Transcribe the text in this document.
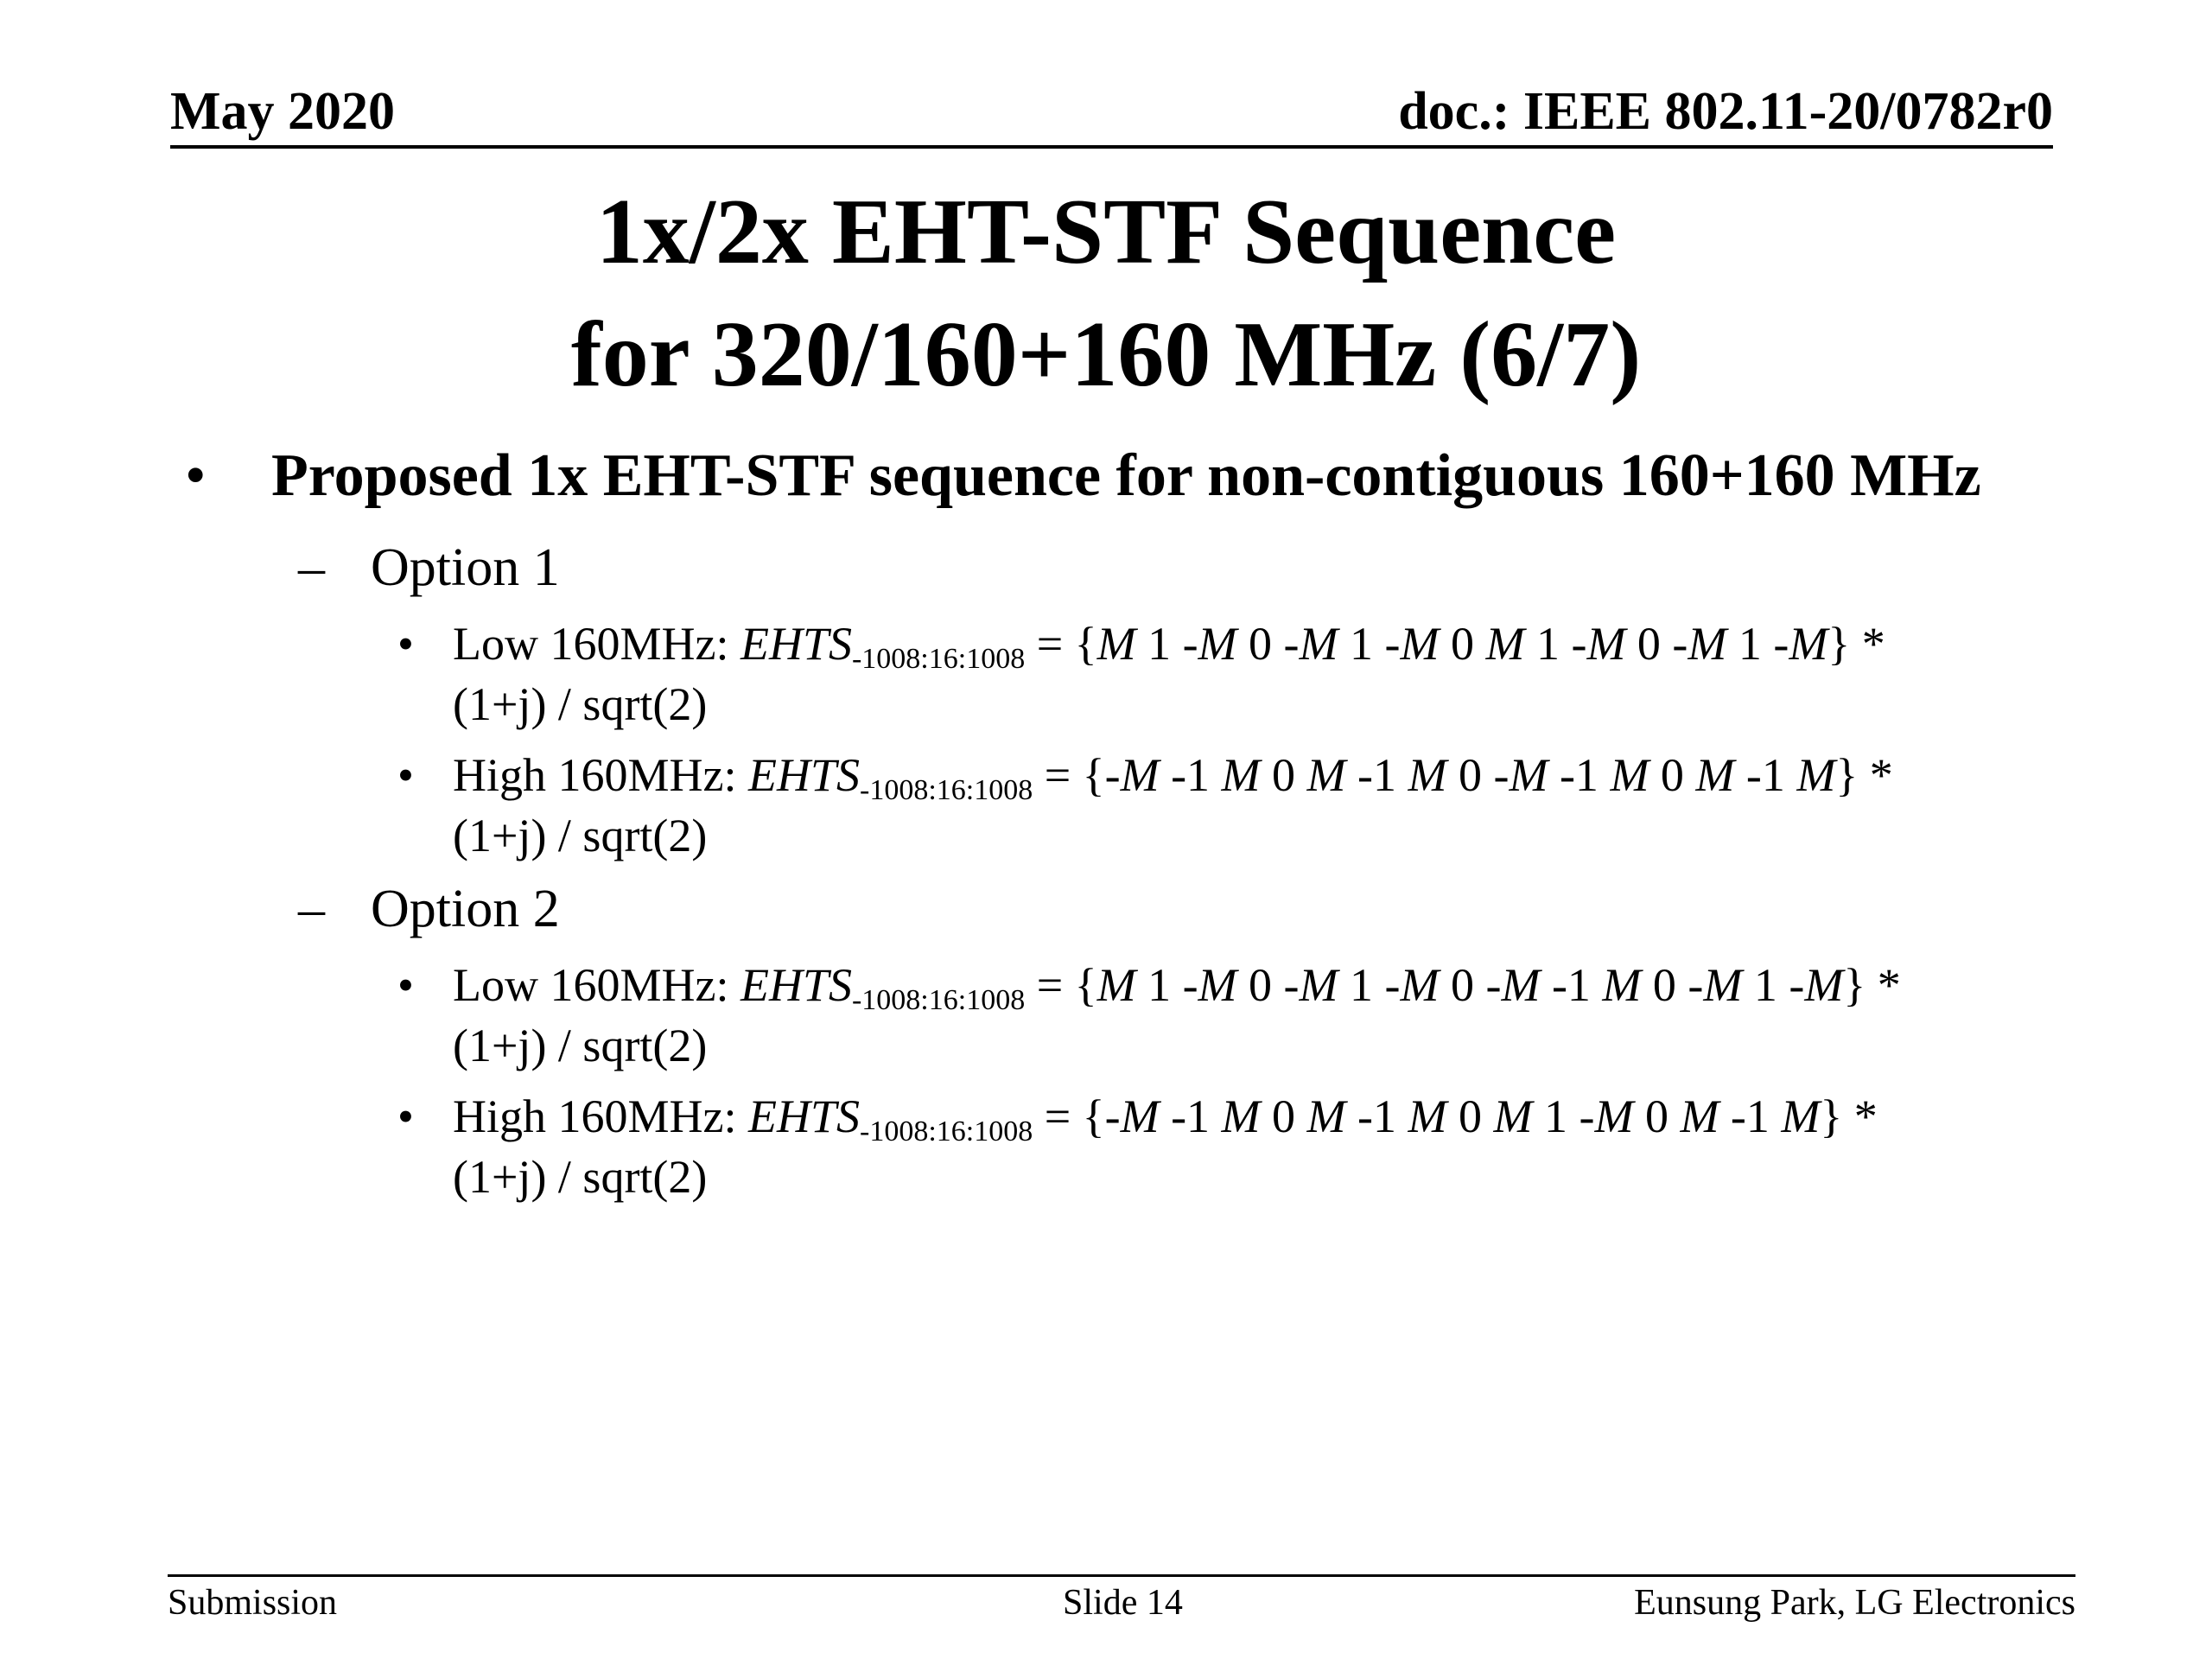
May 2020	doc.: IEEE 802.11-20/0782r0
1x/2x EHT-STF Sequence
for 320/160+160 MHz (6/7)
• Proposed 1x EHT-STF sequence for non-contiguous 160+160 MHz
– Option 1
• Low 160MHz: $EHTS_{-1008:16:1008} = \{M$ 1 -M 0 -M 1 -M 0 M 1 -M 0 -M 1 -M} *
(1+j) / sqrt(2)
• High 160MHz: $EHTS_{-1008:16:1008} = \{-M$ -1 M 0 M -1 M 0 -M -1 M 0 M -1 M} *
(1+j) / sqrt(2)
– Option 2
• Low 160MHz: $EHTS_{-1008:16:1008} = \{M$ 1 -M 0 -M 1 -M 0 -M -1 M 0 -M 1 -M} *
(1+j) / sqrt(2)
• High 160MHz: $EHTS_{-1008:16:1008} = \{-M$ -1 M 0 M -1 M 0 M 1 -M 0 M -1 M} *
(1+j) / sqrt(2)
Submission	Slide 14	Eunsung Park, LG Electronics
